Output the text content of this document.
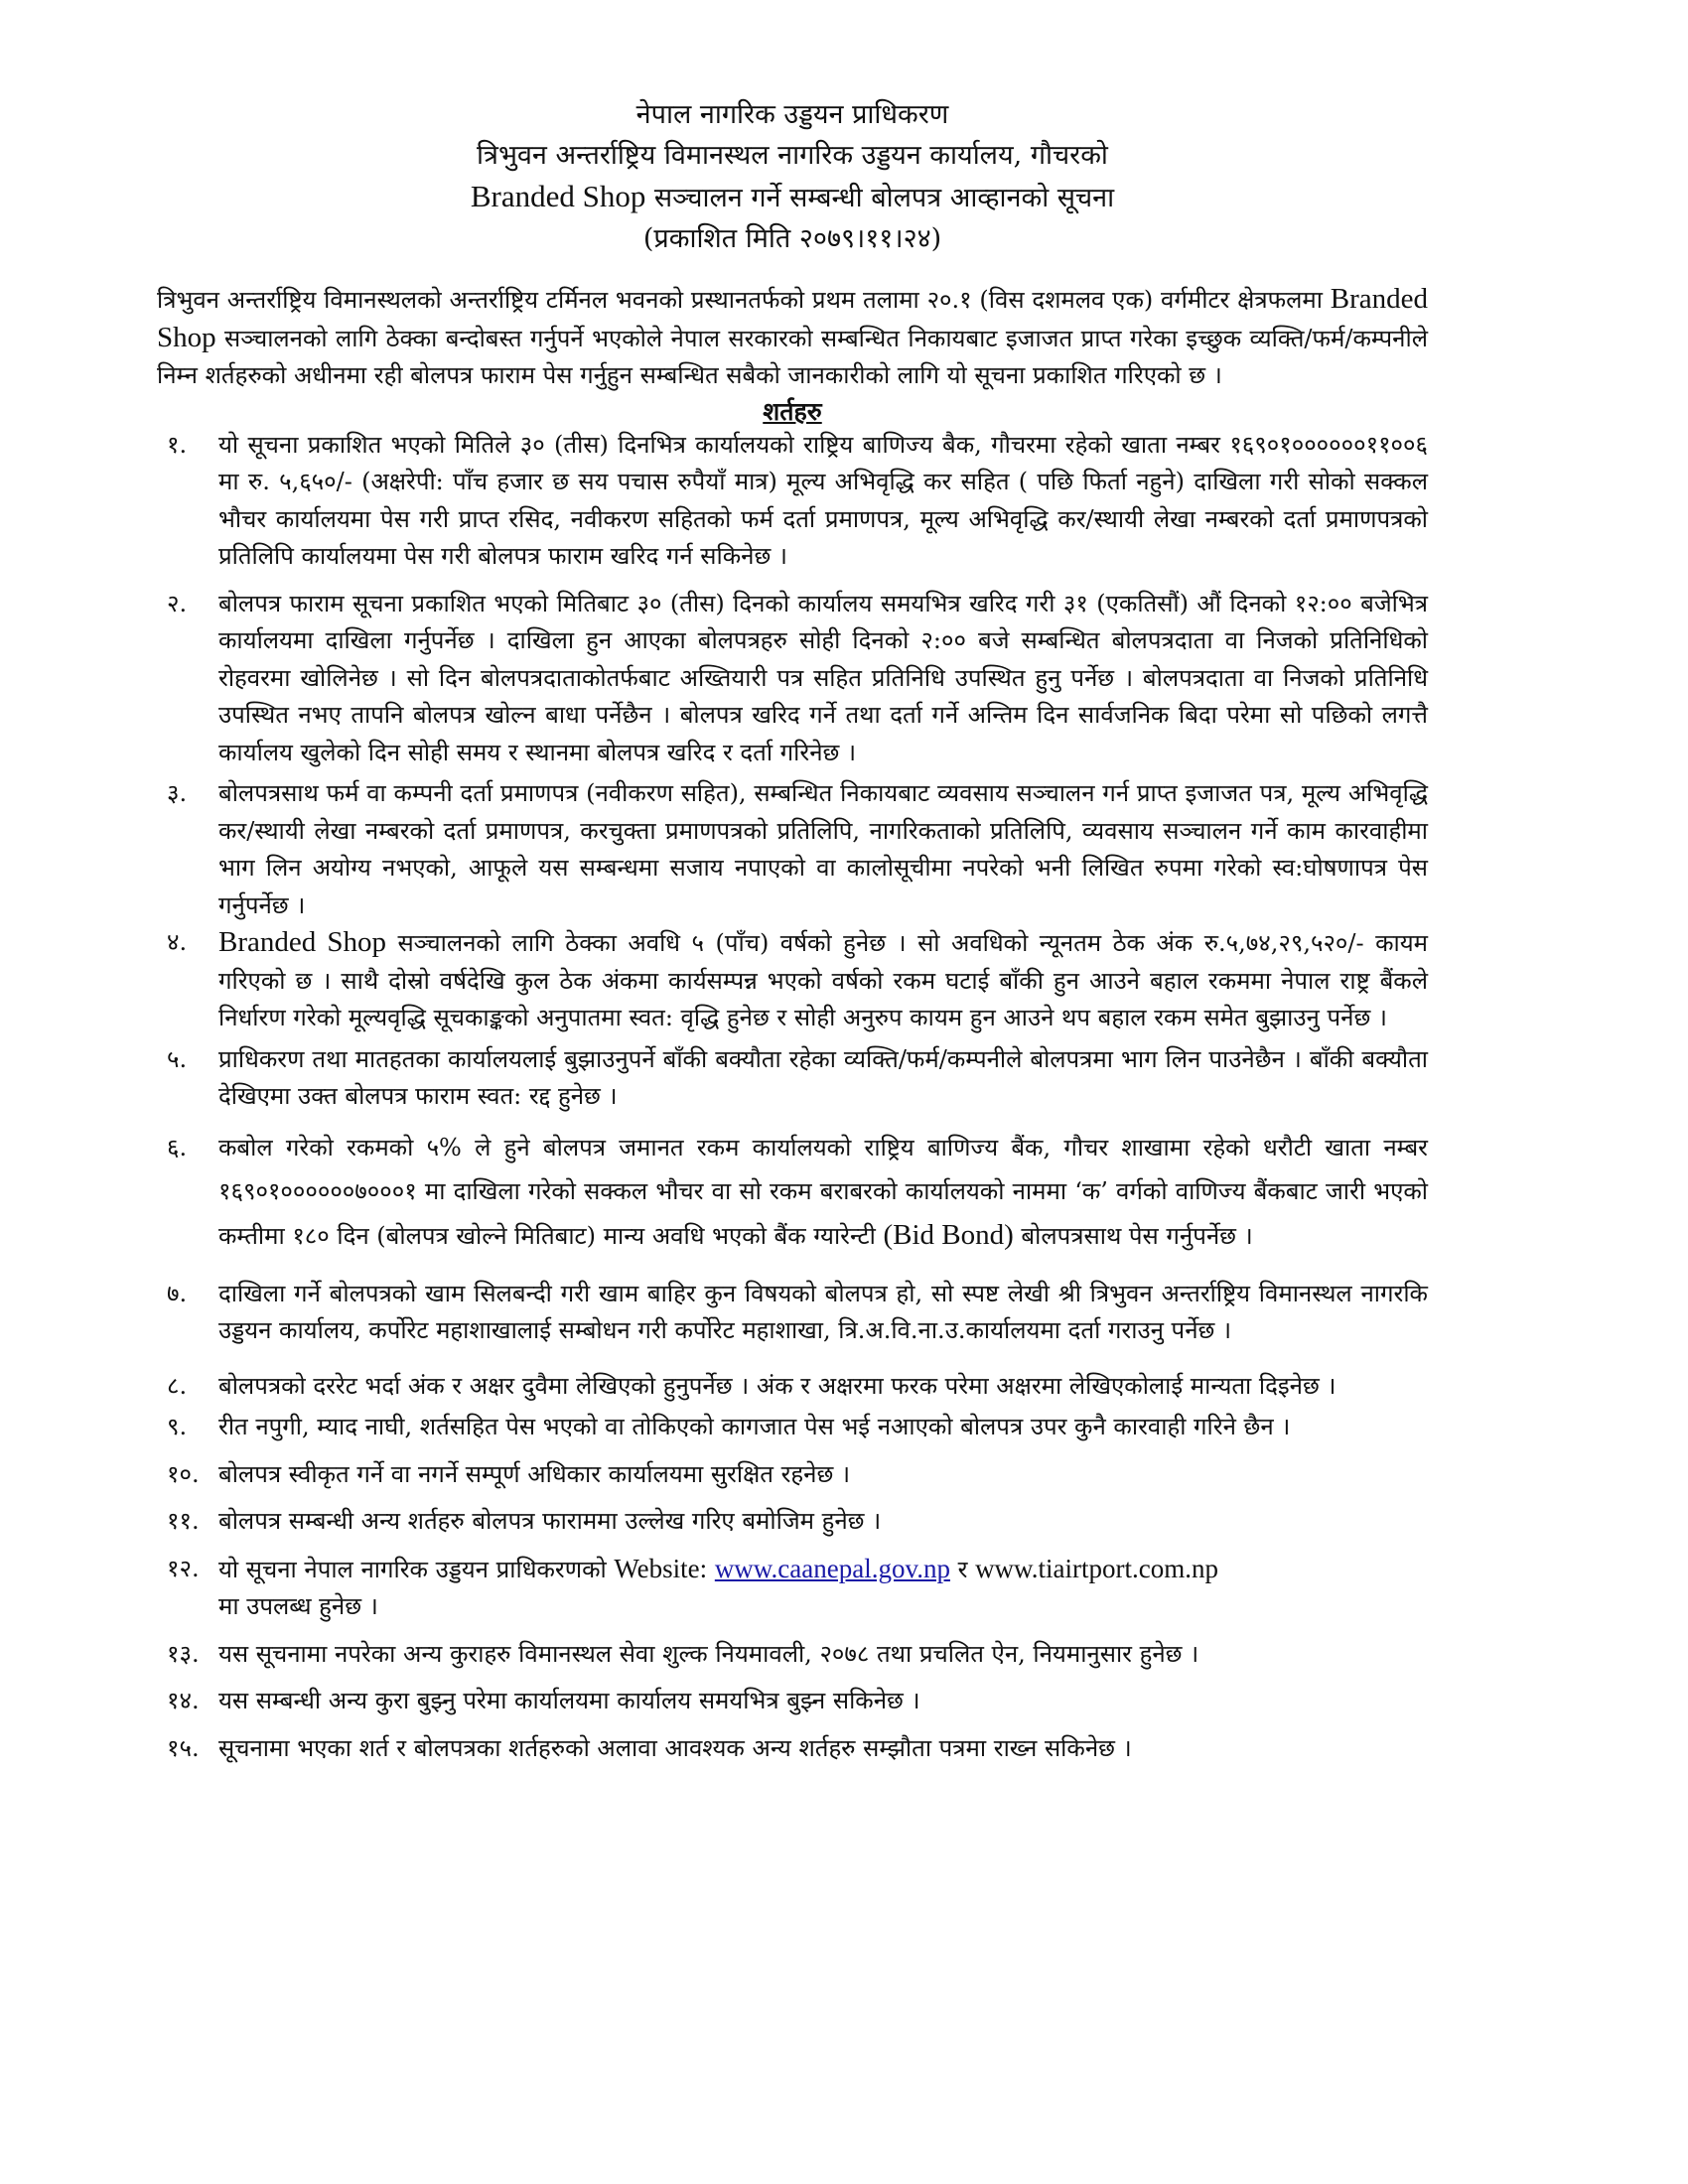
नेपाल नागरिक उड्डयन प्राधिकरण
त्रिभुवन अन्तर्राष्ट्रिय विमानस्थल नागरिक उड्डयन कार्यालय, गौचरको
Branded Shop सञ्चालन गर्ने सम्बन्धी बोलपत्र आव्हानको सूचना
(प्रकाशित मिति २०७९।११।२४)
त्रिभुवन अन्तर्राष्ट्रिय विमानस्थलको अन्तर्राष्ट्रिय टर्मिनल भवनको प्रस्थानतर्फको प्रथम तलामा २०.१ (विस दशमलव एक) वर्गमीटर क्षेत्रफलमा Branded Shop सञ्चालनको लागि ठेक्का बन्दोबस्त गर्नुपर्ने भएकोले नेपाल सरकारको सम्बन्धित निकायबाट इजाजत प्राप्त गरेका इच्छुक व्यक्ति/फर्म/कम्पनीले निम्न शर्तहरुको अधीनमा रही बोलपत्र फाराम पेस गर्नुहुन सम्बन्धित सबैको जानकारीको लागि यो सूचना प्रकाशित गरिएको छ ।
शर्तहरु
१.	यो सूचना प्रकाशित भएको मितिले ३० (तीस) दिनभित्र कार्यालयको राष्ट्रिय बाणिज्य बैक, गौचरमा रहेको खाता नम्बर १६९०१००००००११००६ मा रु. ५,६५०/- (अक्षरेपी: पाँच हजार छ सय पचास रुपैयाँ मात्र) मूल्य अभिवृद्धि कर सहित ( पछि फिर्ता नहुने) दाखिला गरी सोको सक्कल भौचर कार्यालयमा पेस गरी प्राप्त रसिद, नवीकरण सहितको फर्म दर्ता प्रमाणपत्र, मूल्य अभिवृद्धि कर/स्थायी लेखा नम्बरको दर्ता प्रमाणपत्रको प्रतिलिपि कार्यालयमा पेस गरी बोलपत्र फाराम खरिद गर्न सकिनेछ ।
२.	बोलपत्र फाराम सूचना प्रकाशित भएको मितिबाट ३० (तीस) दिनको कार्यालय समयभित्र खरिद गरी ३१ (एकतिसौं) औं दिनको १२:०० बजेभित्र कार्यालयमा दाखिला गर्नुपर्नेछ । दाखिला हुन आएका बोलपत्रहरु सोही दिनको २:०० बजे सम्बन्धित बोलपत्रदाता वा निजको प्रतिनिधिको रोहवरमा खोलिनेछ । सो दिन बोलपत्रदाताकोतर्फबाट अख्तियारी पत्र सहित प्रतिनिधि उपस्थित हुनु पर्नेछ । बोलपत्रदाता वा निजको प्रतिनिधि उपस्थित नभए तापनि बोलपत्र खोल्न बाधा पर्नेछैन । बोलपत्र खरिद गर्ने तथा दर्ता गर्ने अन्तिम दिन सार्वजनिक बिदा परेमा सो पछिको लगत्तै कार्यालय खुलेको दिन सोही समय र स्थानमा बोलपत्र खरिद र दर्ता गरिनेछ ।
३.	बोलपत्रसाथ फर्म वा कम्पनी दर्ता प्रमाणपत्र (नवीकरण सहित), सम्बन्धित निकायबाट व्यवसाय सञ्चालन गर्न प्राप्त इजाजत पत्र, मूल्य अभिवृद्धि कर/स्थायी लेखा नम्बरको दर्ता प्रमाणपत्र, करचुक्ता प्रमाणपत्रको प्रतिलिपि, नागरिकताको प्रतिलिपि, व्यवसाय सञ्चालन गर्ने काम कारवाहीमा भाग लिन अयोग्य नभएको, आफूले यस सम्बन्धमा सजाय नपाएको वा कालोसूचीमा नपरेको भनी लिखित रुपमा गरेको स्व:घोषणापत्र पेस गर्नुपर्नेछ ।
४.	Branded Shop सञ्चालनको लागि ठेक्का अवधि ५ (पाँच) वर्षको हुनेछ । सो अवधिको न्यूनतम ठेक अंक रु.५,७४,२९,५२०/- कायम गरिएको छ । साथै दोस्रो वर्षदेखि कुल ठेक अंकमा कार्यसम्पन्न भएको वर्षको रकम घटाई बाँकी हुन आउने बहाल रकममा नेपाल राष्ट्र बैंकले निर्धारण गरेको मूल्यवृद्धि सूचकाङ्कको अनुपातमा स्वत: वृद्धि हुनेछ र सोही अनुरुप कायम हुन आउने थप बहाल रकम समेत बुझाउनु पर्नेछ ।
५.	प्राधिकरण तथा मातहतका कार्यालयलाई बुझाउनुपर्ने बाँकी बक्यौता रहेका व्यक्ति/फर्म/कम्पनीले बोलपत्रमा भाग लिन पाउनेछैन । बाँकी बक्यौता देखिएमा उक्त बोलपत्र फाराम स्वत: रद्द हुनेछ ।
६.	कबोल गरेको रकमको ५% ले हुने बोलपत्र जमानत रकम कार्यालयको राष्ट्रिय बाणिज्य बैंक, गौचर शाखामा रहेको धरौटी खाता नम्बर १६९०१००००००७०००१ मा दाखिला गरेको सक्कल भौचर वा सो रकम बराबरको कार्यालयको नाममा ‘क’ वर्गको वाणिज्य बैंकबाट जारी भएको कम्तीमा १८० दिन (बोलपत्र खोल्ने मितिबाट) मान्य अवधि भएको बैंक ग्यारेन्टी (Bid Bond) बोलपत्रसाथ पेस गर्नुपर्नेछ ।
७.	दाखिला गर्ने बोलपत्रको खाम सिलबन्दी गरी खाम बाहिर कुन विषयको बोलपत्र हो, सो स्पष्ट लेखी श्री त्रिभुवन अन्तर्राष्ट्रिय विमानस्थल नागरकि उड्डयन कार्यालय, कर्पोरेट महाशाखालाई सम्बोधन गरी कर्पोरेट महाशाखा, त्रि.अ.वि.ना.उ.कार्यालयमा दर्ता गराउनु पर्नेछ ।
८.	बोलपत्रको दररेट भर्दा अंक र अक्षर दुवैमा लेखिएको हुनुपर्नेछ । अंक र अक्षरमा फरक परेमा अक्षरमा लेखिएकोलाई मान्यता दिइनेछ ।
९.	रीत नपुगी, म्याद नाघी, शर्तसहित पेस भएको वा तोकिएको कागजात पेस भई नआएको बोलपत्र उपर कुनै कारवाही गरिने छैन ।
१०. बोलपत्र स्वीकृत गर्ने वा नगर्ने सम्पूर्ण अधिकार कार्यालयमा सुरक्षित रहनेछ ।
११. बोलपत्र सम्बन्धी अन्य शर्तहरु बोलपत्र फाराममा उल्लेख गरिए बमोजिम हुनेछ ।
१२. यो सूचना नेपाल नागरिक उड्डयन प्राधिकरणको Website: www.caanepal.gov.np र www.tiairtport.com.np
मा उपलब्ध हुनेछ ।
१३. यस सूचनामा नपरेका अन्य कुराहरु विमानस्थल सेवा शुल्क नियमावली, २०७८ तथा प्रचलित ऐन, नियमानुसार हुनेछ ।
१४. यस सम्बन्धी अन्य कुरा बुझ्नु परेमा कार्यालयमा कार्यालय समयभित्र बुझ्न सकिनेछ ।
१५. सूचनामा भएका शर्त र बोलपत्रका शर्तहरुको अलावा आवश्यक अन्य शर्तहरु सम्झौता पत्रमा राख्न सकिनेछ ।
